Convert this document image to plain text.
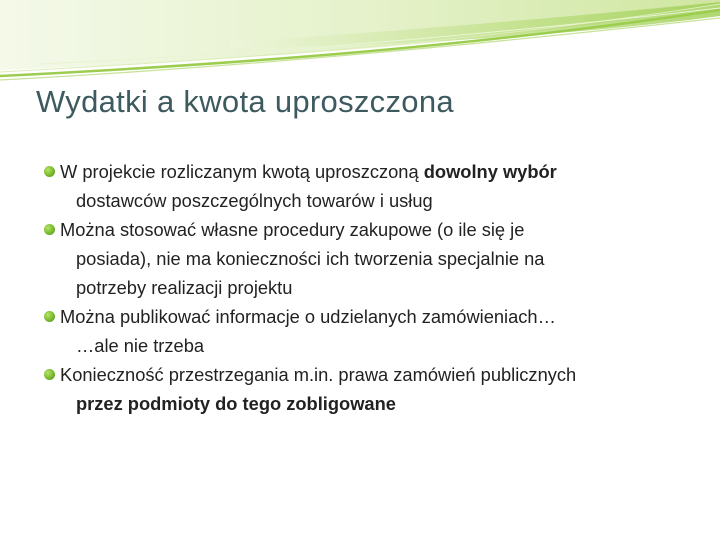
Wydatki a kwota uproszczona
W projekcie rozliczanym kwotą uproszczoną dowolny wybór
dostawców poszczególnych towarów i usług
Można stosować własne procedury zakupowe (o ile się je
posiada), nie ma konieczności ich tworzenia specjalnie na
potrzeby realizacji projektu
Można publikować informacje o udzielanych zamówieniach…
…ale nie trzeba
Konieczność przestrzegania m.in. prawa zamówień publicznych
przez podmioty do tego zobligowane
